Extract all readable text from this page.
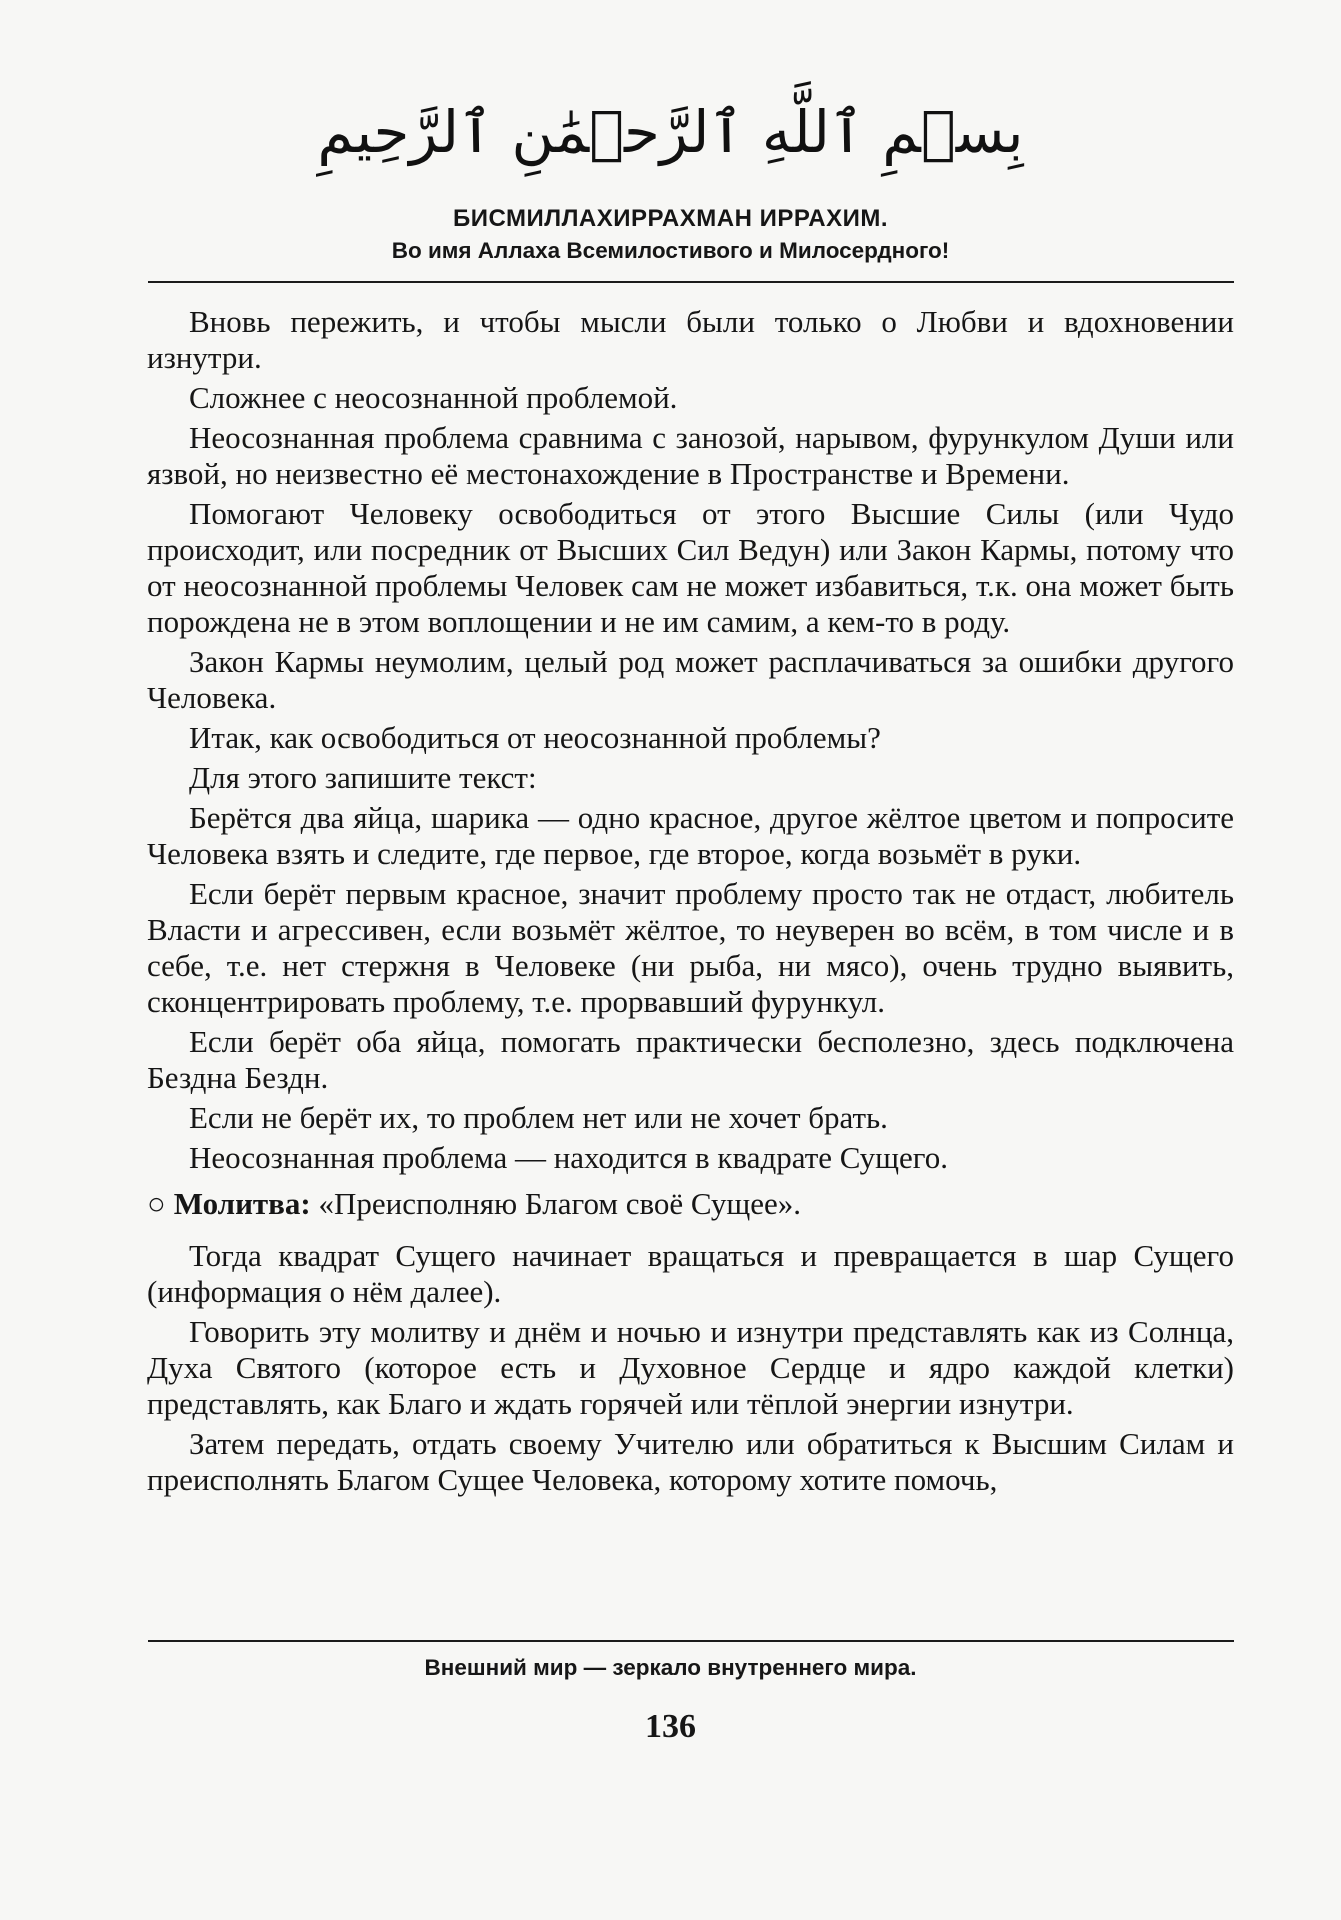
بِسۡمِ ٱللَّهِ ٱلرَّحۡمَٰنِ ٱلرَّحِيمِ
БИСМИЛЛАХИРРАХМАН ИРРАХИМ.
Во имя Аллаха Всемилостивого и Милосердного!

Вновь пережить, и чтобы мысли были только о Любви и вдохновении изнутри.

Сложнее с неосознанной проблемой.

Неосознанная проблема сравнима с занозой, нарывом, фурункулом Души или язвой, но неизвестно её местонахождение в Пространстве и Времени.

Помогают Человеку освободиться от этого Высшие Силы (или Чудо происходит, или посредник от Высших Сил Ведун) или Закон Кармы, потому что от неосознанной проблемы Человек сам не может избавиться, т.к. она может быть порождена не в этом воплощении и не им самим, а кем-то в роду.

Закон Кармы неумолим, целый род может расплачиваться за ошибки другого Человека.

Итак, как освободиться от неосознанной проблемы?

Для этого запишите текст:

Берётся два яйца, шарика — одно красное, другое жёлтое цветом и попросите Человека взять и следите, где первое, где второе, когда возьмёт в руки.

Если берёт первым красное, значит проблему просто так не отдаст, любитель Власти и агрессивен, если возьмёт жёлтое, то неуверен во всём, в том числе и в себе, т.е. нет стержня в Человеке (ни рыба, ни мясо), очень трудно выявить, сконцентрировать проблему, т.е. прорвавший фурункул.

Если берёт оба яйца, помогать практически бесполезно, здесь подключена Бездна Бездн.

Если не берёт их, то проблем нет или не хочет брать.

Неосознанная проблема — находится в квадрате Сущего.

○ Молитва: «Преисполняю Благом своё Сущее».

Тогда квадрат Сущего начинает вращаться и превращается в шар Сущего (информация о нём далее).

Говорить эту молитву и днём и ночью и изнутри представлять как из Солнца, Духа Святого (которое есть и Духовное Сердце и ядро каждой клетки) представлять, как Благо и ждать горячей или тёплой энергии изнутри.

Затем передать, отдать своему Учителю или обратиться к Высшим Силам и преисполнять Благом Сущее Человека, которому хотите помочь,

Внешний мир — зеркало внутреннего мира.
136
